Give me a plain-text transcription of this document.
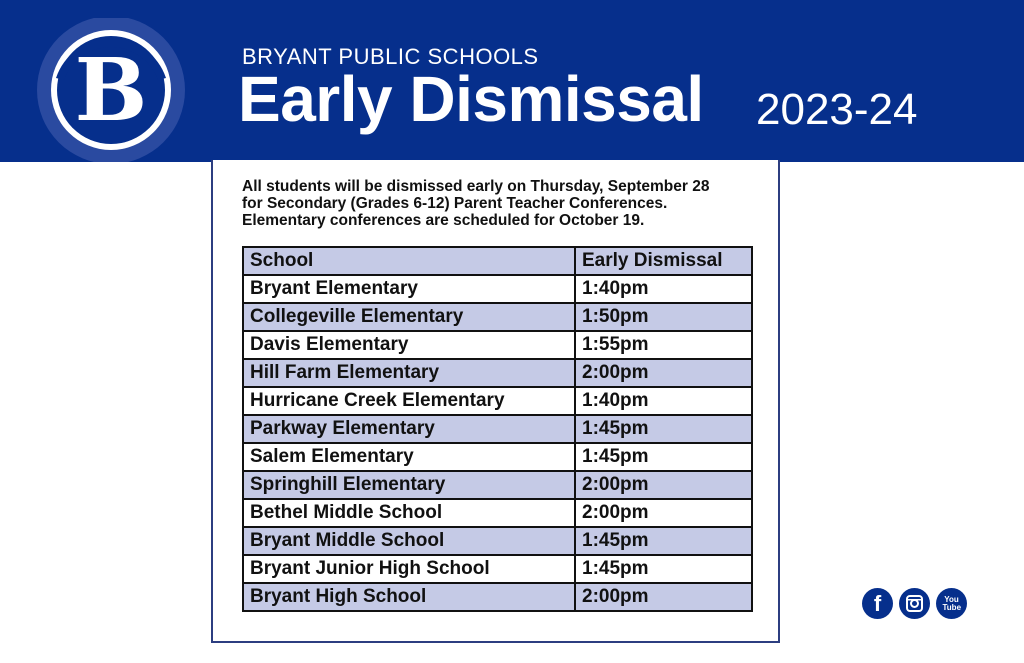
B	BRYANT PUBLIC SCHOOLS
Early Dismissal 2023-24
All students will be dismissed early on Thursday, September 28
for Secondary (Grades 6-12) Parent Teacher Conferences.
Elementary conferences are scheduled for October 19.
School	Early Dismissal
Bryant Elementary	1:40pm
Collegeville Elementary	1:50pm
Davis Elementary	1:55pm
Hill Farm Elementary	2:00pm
Hurricane Creek Elementary	1:40pm
Parkway Elementary	1:45pm
Salem Elementary	1:45pm
Springhill Elementary	2:00pm
Bethel Middle School	2:00pm
Bryant Middle School	1:45pm
Bryant Junior High School	1:45pm
Bryant High School	2:00pm	f	You Tube
